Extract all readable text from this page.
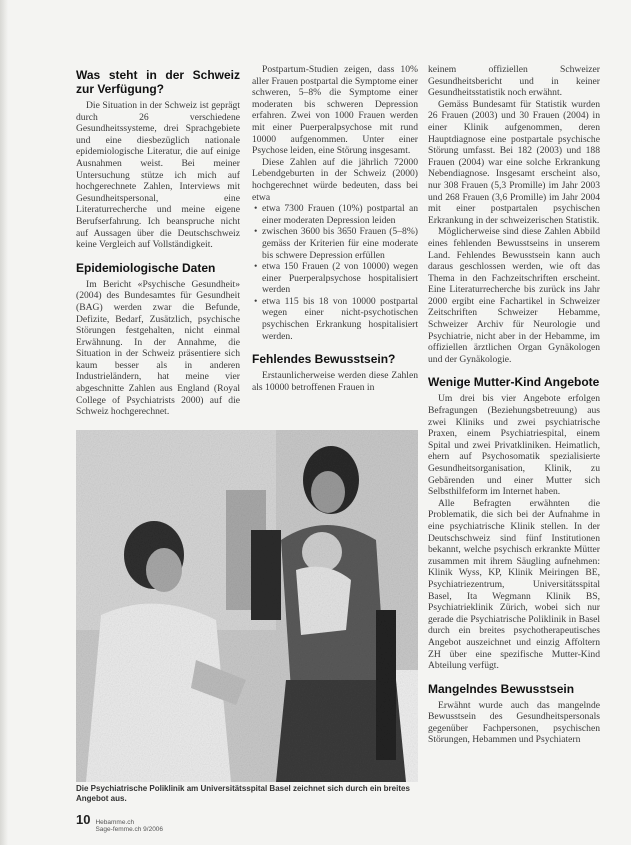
Was steht in der Schweiz zur Verfügung?

Die Situation in der Schweiz ist geprägt durch 26 verschiedene Gesundheitssysteme, drei Sprachgebiete und eine diesbezüglich nationale epidemiologische Literatur, die auf einige Ausnahmen weist. Bei meiner Untersuchung stütze ich mich auf hochgerechnete Zahlen, Interviews mit Gesundheitspersonal, eine Literaturrecherche und meine eigene Berufserfahrung. Ich beanspruche nicht auf Aussagen über die Deutschschweiz keine Vergleich auf Vollständigkeit.

Epidemiologische Daten

Im Bericht «Psychische Gesundheit» (2004) des Bundesamtes für Gesundheit (BAG) werden zwar die Befunde, Defizite, Bedarf, Zusätzlich, psychische Störungen festgehalten, nicht einmal Erwähnung. In der Annahme, die Situation in der Schweiz präsentiere sich kaum besser als in anderen Industrieländern, hat meine vier abgeschnitte Zahlen aus England (Royal College of Psychiatrists 2000) auf die Schweiz hochgerechnet.

Postpartum-Studien zeigen, dass 10% aller Frauen postpartal die Symptome einer schweren, 5–8% die Symptome einer moderaten bis schweren Depression erfahren. Zwei von 1000 Frauen werden mit einer Puerperalpsychose mit rund 10000 aufgenommen. Unter einer Psychose leiden, eine Störung insgesamt.

Diese Zahlen auf die jährlich 72000 Lebendgeburten in der Schweiz (2000) hochgerechnet würde bedeuten, dass bei etwa

• etwa 7300 Frauen (10%) postpartal an einer moderaten Depression leiden
• zwischen 3600 bis 3650 Frauen (5–8%) gemäss der Kriterien für eine moderate bis schwere Depression erfüllen
• etwa 150 Frauen (2 von 10000) wegen einer Puerperalpsychose hospitalisiert werden
• etwa 115 bis 18 von 10000 postpartal wegen einer nicht-psychotischen psychischen Erkrankung hospitalisiert werden.
Fehlendes Bewusstsein?

Erstaunlicherweise werden diese Zahlen als 10000 betroffenen Frauen in

keinem offiziellen Schweizer Gesundheitsbericht und in keiner Gesundheitsstatistik noch erwähnt.

Gemäss Bundesamt für Statistik wurden 26 Frauen (2003) und 30 Frauen (2004) in einer Klinik aufgenommen, deren Hauptdiagnose eine postpartale psychische Störung umfasst. Bei 182 (2003) und 188 Frauen (2004) war eine solche Erkrankung Nebendiagnose. Insgesamt erscheint also, nur 308 Frauen (5,3 Promille) im Jahr 2003 und 268 Frauen (3,6 Promille) im Jahr 2004 mit einer postpartalen psychischen Erkrankung in der schweizerischen Statistik.

Möglicherweise sind diese Zahlen Abbild eines fehlenden Bewusstseins in unserem Land. Fehlendes Bewusstsein kann auch daraus geschlossen werden, wie oft das Thema in den Fachzeitschriften erscheint. Eine Literaturrecherche bis zurück ins Jahr 2000 ergibt eine Fachartikel in Schweizer Zeitschriften Schweizer Hebamme, Schweizer Archiv für Neurologie und Psychiatrie, nicht aber in der Hebamme, im offiziellen ärztlichen Organ Gynäkologen und der Gynäkologie.

Wenige Mutter-Kind Angebote

Um drei bis vier Angebote erfolgen Befragungen (Beziehungsbetreuung) aus zwei Kliniks und zwei psychiatrische Praxen, einem Psychiatriespital, einem Spital und zwei Privatkliniken. Heimatlich, ehern auf Psychosomatik spezialisierte Gesundheitsorganisation, Klinik, zu Gebärenden und einer Mutter sich Selbsthilfeform im Internet haben.

Alle Befragten erwähnten die Problematik, die sich bei der Aufnahme in eine psychiatrische Klinik stellen. In der Deutschschweiz sind fünf Institutionen bekannt, welche psychisch erkrankte Mütter zusammen mit ihrem Säugling aufnehmen: Klinik Wyss, KP, Klinik Meiringen BE, Psychiatriezentrum, Universitätsspital Basel, Ita Wegmann Klinik BS, Psychiatrieklinik Zürich, wobei sich nur gerade die Psychiatrische Poliklinik in Basel durch ein breites psychotherapeutisches Angebot auszeichnet und einzig Affoltern ZH über eine spezifische Mutter-Kind Abteilung verfügt.

Mangelndes Bewusstsein

Erwähnt wurde auch das mangelnde Bewusstsein des Gesundheitspersonals gegenüber Fachpersonen, psychischen Störungen, Hebammen und Psychiatern

Die Psychiatrische Poliklinik am Universitätsspital Basel zeichnet sich durch ein breites Angebot aus.
10 Hebamme.ch
Sage-femme.ch 9/2006
